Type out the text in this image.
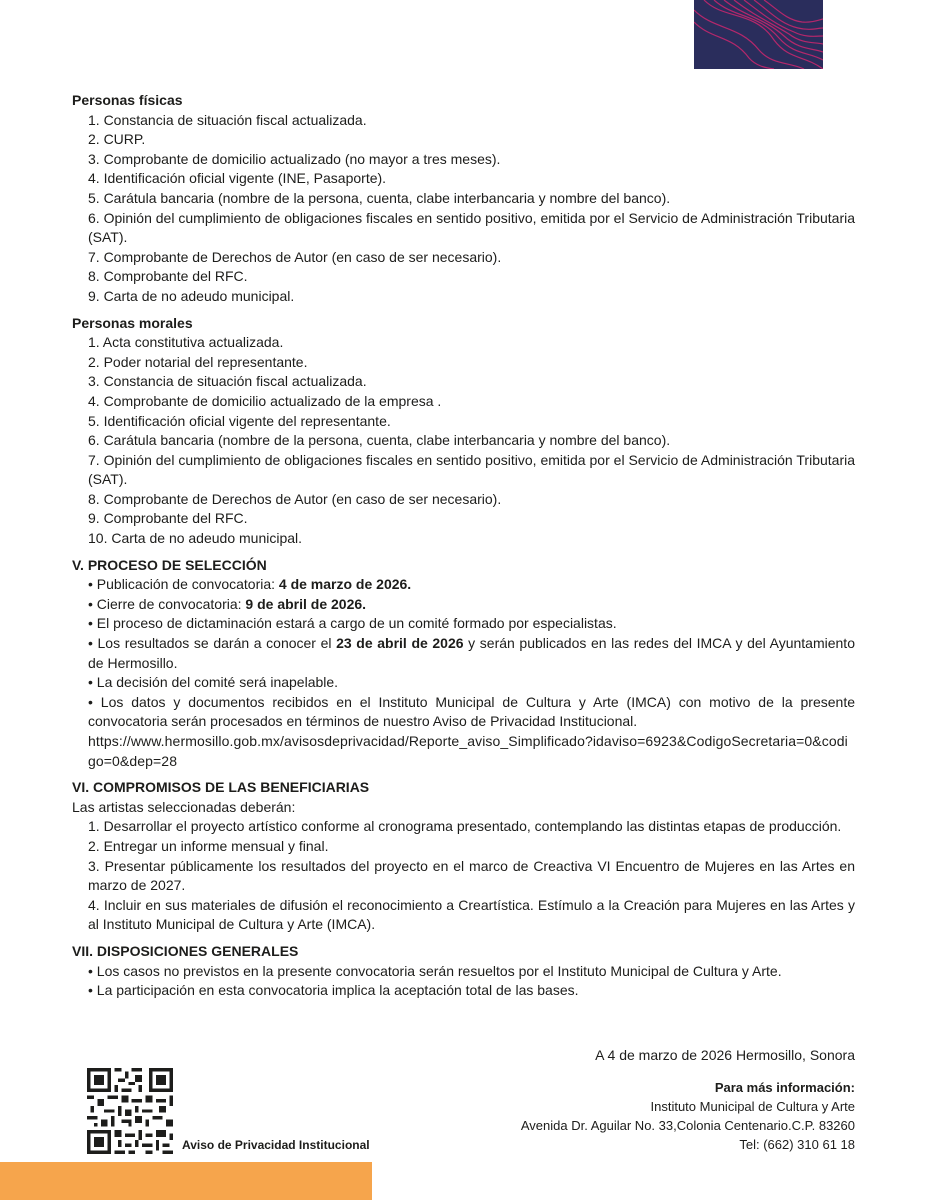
Personas físicas
1. Constancia de situación fiscal actualizada.
2. CURP.
3. Comprobante de domicilio actualizado (no mayor a tres meses).
4. Identificación oficial vigente (INE, Pasaporte).
5. Carátula bancaria (nombre de la persona, cuenta, clabe interbancaria y nombre del banco).
6. Opinión del cumplimiento de obligaciones fiscales en sentido positivo, emitida por el Servicio de Administración Tributaria (SAT).
7. Comprobante de Derechos de Autor (en caso de ser necesario).
8. Comprobante del RFC.
9. Carta de no adeudo municipal.
Personas morales
1. Acta constitutiva actualizada.
2. Poder notarial del representante.
3. Constancia de situación fiscal actualizada.
4. Comprobante de domicilio actualizado de la empresa .
5. Identificación oficial vigente del representante.
6. Carátula bancaria (nombre de la persona, cuenta, clabe interbancaria y nombre del banco).
7. Opinión del cumplimiento de obligaciones fiscales en sentido positivo, emitida por el Servicio de Administración Tributaria (SAT).
8. Comprobante de Derechos de Autor (en caso de ser necesario).
9. Comprobante del RFC.
10. Carta de no adeudo municipal.
V. PROCESO DE SELECCIÓN
• Publicación de convocatoria: 4 de marzo de 2026.
• Cierre de convocatoria: 9 de abril de 2026.
• El proceso de dictaminación estará a cargo de un comité formado por especialistas.
• Los resultados se darán a conocer el 23 de abril de 2026 y serán publicados en las redes del IMCA y del Ayuntamiento de Hermosillo.
• La decisión del comité será inapelable.
• Los datos y documentos recibidos en el Instituto Municipal de Cultura y Arte (IMCA) con motivo de la presente convocatoria serán procesados en términos de nuestro Aviso de Privacidad Institucional.
https://www.hermosillo.gob.mx/avisosdeprivacidad/Reporte_aviso_Simplificado?idaviso=6923&CodigoSecretaria=0&codigo=0&dep=28
VI. COMPROMISOS DE LAS BENEFICIARIAS
Las artistas seleccionadas deberán:
1. Desarrollar el proyecto artístico conforme al cronograma presentado, contemplando las distintas etapas de producción.
2. Entregar un informe mensual y final.
3. Presentar públicamente los resultados del proyecto en el marco de Creactiva VI Encuentro de Mujeres en las Artes en marzo de 2027.
4. Incluir en sus materiales de difusión el reconocimiento a Creartística. Estímulo a la Creación para Mujeres en las Artes y al Instituto Municipal de Cultura y Arte (IMCA).
VII. DISPOSICIONES GENERALES
• Los casos no previstos en la presente convocatoria serán resueltos por el Instituto Municipal de Cultura y Arte.
• La participación en esta convocatoria implica la aceptación total de las bases.
A 4 de marzo de 2026 Hermosillo, Sonora
Para más información:
Instituto Municipal de Cultura y Arte
Avenida Dr. Aguilar No. 33,Colonia Centenario.C.P. 83260
Tel: (662) 310 61 18
Aviso de Privacidad Institucional
